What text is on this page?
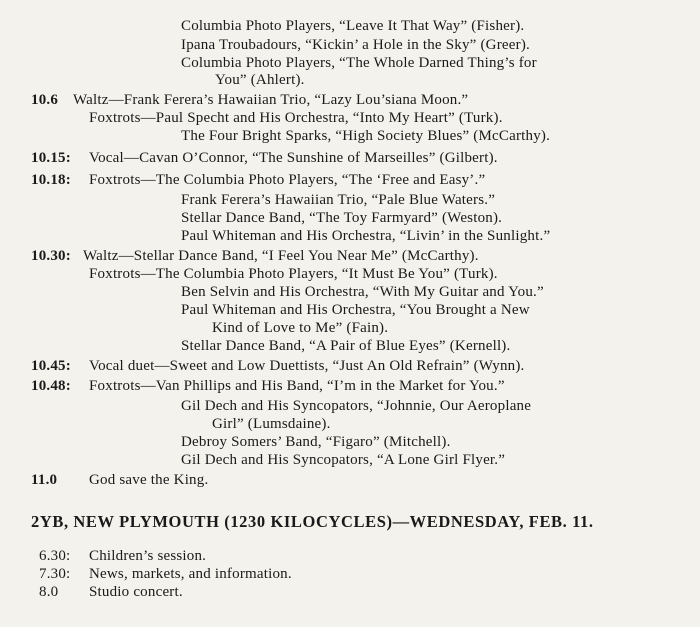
Columbia Photo Players, “Leave It That Way” (Fisher).
Ipana Troubadours, “Kickin’ a Hole in the Sky” (Greer).
Columbia Photo Players, “The Whole Darned Thing’s for
You” (Ahlert).
10.6 Waltz—Frank Ferera’s Hawaiian Trio, “Lazy Lou’siana Moon.”
Foxtrots—Paul Specht and His Orchestra, “Into My Heart” (Turk).
The Four Bright Sparks, “High Society Blues” (McCarthy).
10.15: Vocal—Cavan O’Connor, “The Sunshine of Marseilles” (Gilbert).
10.18: Foxtrots—The Columbia Photo Players, “The ‘Free and Easy’.”
Frank Ferera’s Hawaiian Trio, “Pale Blue Waters.”
Stellar Dance Band, “The Toy Farmyard” (Weston).
Paul Whiteman and His Orchestra, “Livin’ in the Sunlight.”
10.30: Waltz—Stellar Dance Band, “I Feel You Near Me” (McCarthy).
Foxtrots—The Columbia Photo Players, “It Must Be You” (Turk).
Ben Selvin and His Orchestra, “With My Guitar and You.”
Paul Whiteman and His Orchestra, “You Brought a New
Kind of Love to Me” (Fain).
Stellar Dance Band, “A Pair of Blue Eyes” (Kernell).
10.45: Vocal duet—Sweet and Low Duettists, “Just An Old Refrain” (Wynn).
10.48: Foxtrots—Van Phillips and His Band, “I’m in the Market for You.”
Gil Dech and His Syncopators, “Johnnie, Our Aeroplane
Girl” (Lumsdaine).
Debroy Somers’ Band, “Figaro” (Mitchell).
Gil Dech and His Syncopators, “A Lone Girl Flyer.”
11.0 God save the King.
2YB, NEW PLYMOUTH (1230 KILOCYCLES)—WEDNESDAY, FEB. 11.
6.30: Children’s session.
7.30: News, markets, and information.
8.0 Studio concert.
